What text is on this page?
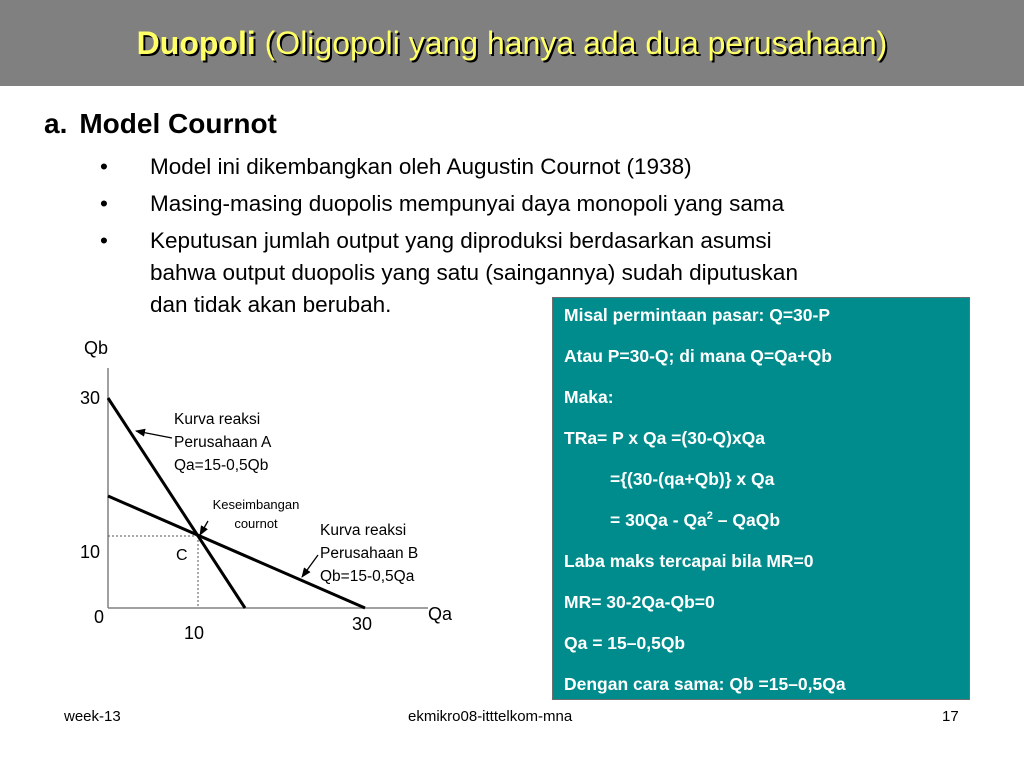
Duopoli (Oligopoli yang hanya ada dua perusahaan)
a. Model Cournot
• Model ini dikembangkan oleh Augustin Cournot (1938)
• Masing-masing duopolis mempunyai daya monopoli yang sama
• Keputusan jumlah output yang diproduksi berdasarkan asumsi
bahwa output duopolis yang satu (saingannya) sudah diputuskan
dan tidak akan berubah.
Qb
Qa
0
30
10
10	30
C
Kurva reaksi
Perusahaan A
Qa=15-0,5Qb
Keseimbangan
cournot	Kurva reaksi
Perusahaan B
Qb=15-0,5Qa
Misal permintaan pasar: Q=30-P
Atau P=30-Q; di mana Q=Qa+Qb
Maka:
TRa= P x Qa =(30-Q)xQa
={(30-(qa+Qb)} x Qa
= 30Qa - Qa$^2$ – QaQb
Laba maks tercapai bila MR=0
MR= 30-2Qa-Qb=0
Qa = 15–0,5Qb
Dengan cara sama: Qb =15–0,5Qa
week-13	ekmikro08-itttelkom-mna	17
